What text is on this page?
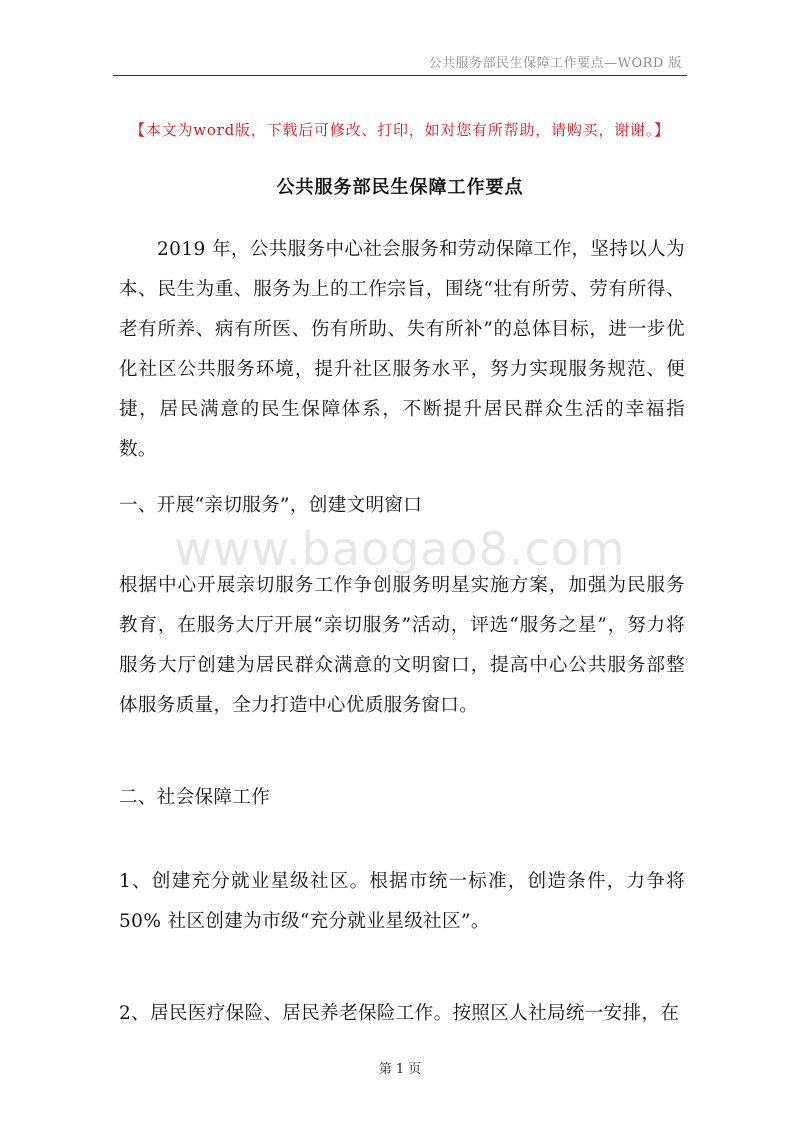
公共服务部民生保障工作要点—WORD 版
【本文为word版，下载后可修改、打印，如对您有所帮助，请购买，谢谢。】
公共服务部民生保障工作要点
2019 年，公共服务中心社会服务和劳动保障工作，坚持以人为本、民生为重、服务为上的工作宗旨，围绕“壮有所劳、劳有所得、老有所养、病有所医、伤有所助、失有所补”的总体目标，进一步优化社区公共服务环境，提升社区服务水平，努力实现服务规范、便捷，居民满意的民生保障体系，不断提升居民群众生活的幸福指数。
一、开展“亲切服务”，创建文明窗口
www.baogao8.com
根据中心开展亲切服务工作争创服务明星实施方案，加强为民服务教育，在服务大厅开展“亲切服务”活动，评选“服务之星”，努力将服务大厅创建为居民群众满意的文明窗口，提高中心公共服务部整体服务质量，全力打造中心优质服务窗口。
二、社会保障工作
1、创建充分就业星级社区。根据市统一标准，创造条件，力争将 50% 社区创建为市级“充分就业星级社区”。
2、居民医疗保险、居民养老保险工作。按照区人社局统一安排，在
第 1 页
